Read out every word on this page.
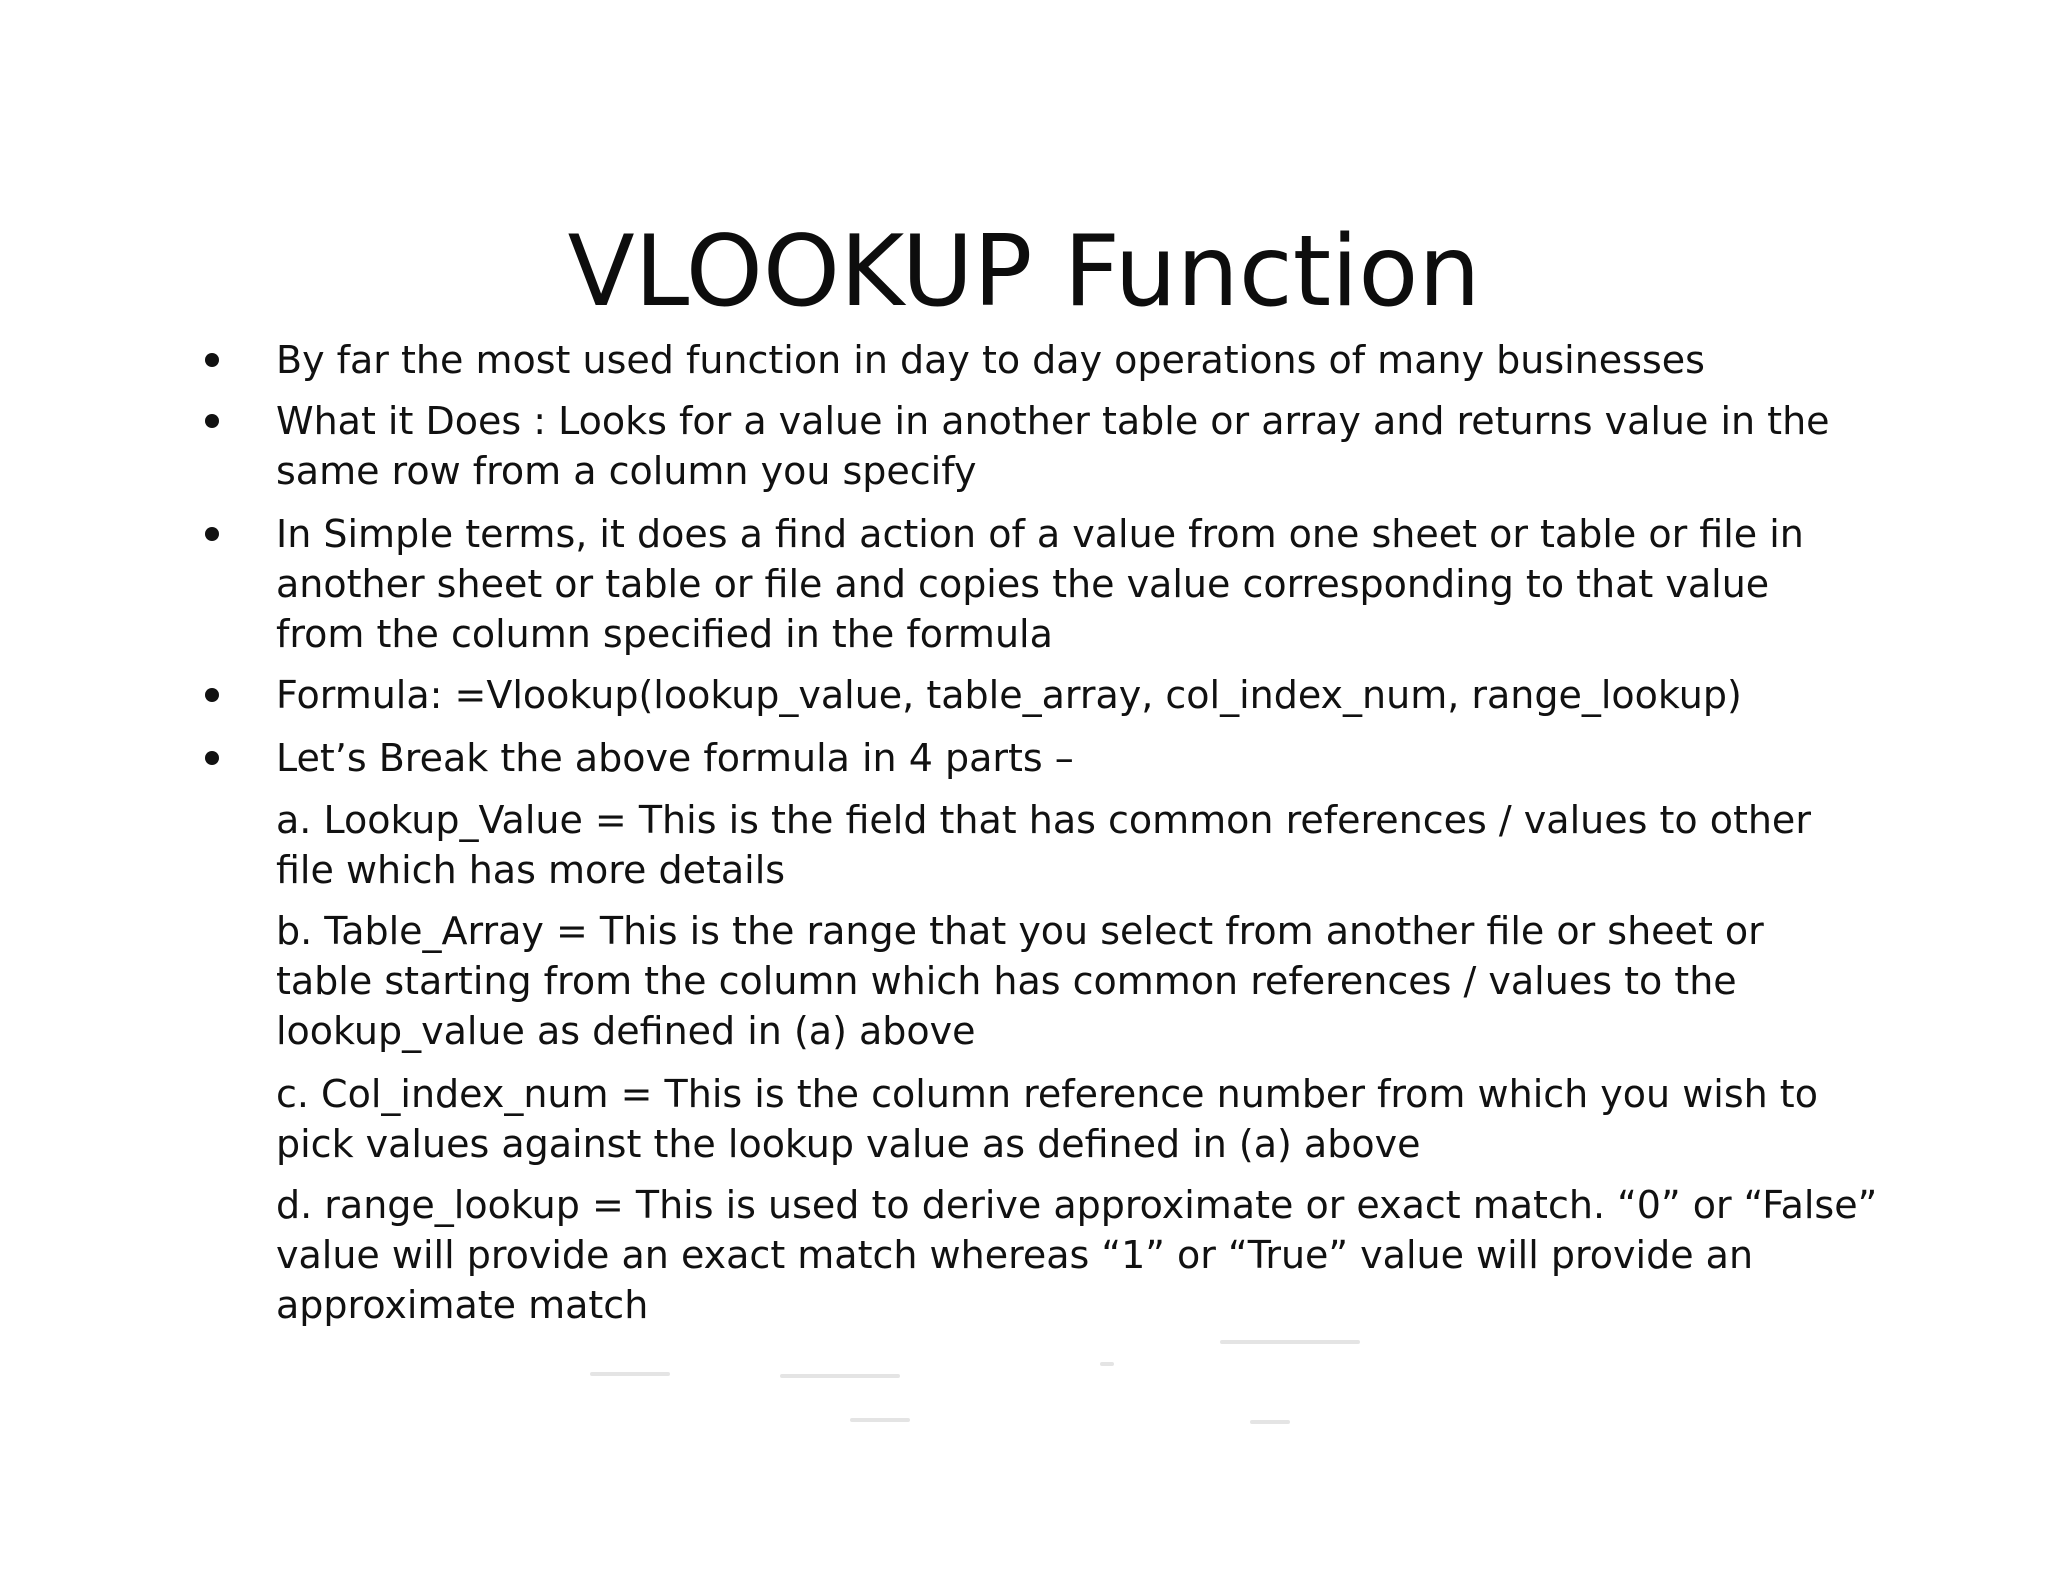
VLOOKUP Function
By far the most used function in day to day operations of many businesses
What it Does : Looks for a value in another table or array and returns value in the
same row from a column you specify
In Simple terms, it does a find action of a value from one sheet or table or file in
another sheet or table or file and copies the value corresponding to that value
from the column specified in the formula
Formula: =Vlookup(lookup_value, table_array, col_index_num, range_lookup)
Let’s Break the above formula in 4 parts –
a. Lookup_Value = This is the field that has common references / values to other
file which has more details
b. Table_Array = This is the range that you select from another file or sheet or
table starting from the column which has common references / values to the
lookup_value as defined in (a) above
c. Col_index_num = This is the column reference number from which you wish to
pick values against the lookup value as defined in (a) above
d. range_lookup = This is used to derive approximate or exact match. “0” or “False”
value will provide an exact match whereas “1” or “True” value will provide an
approximate match
